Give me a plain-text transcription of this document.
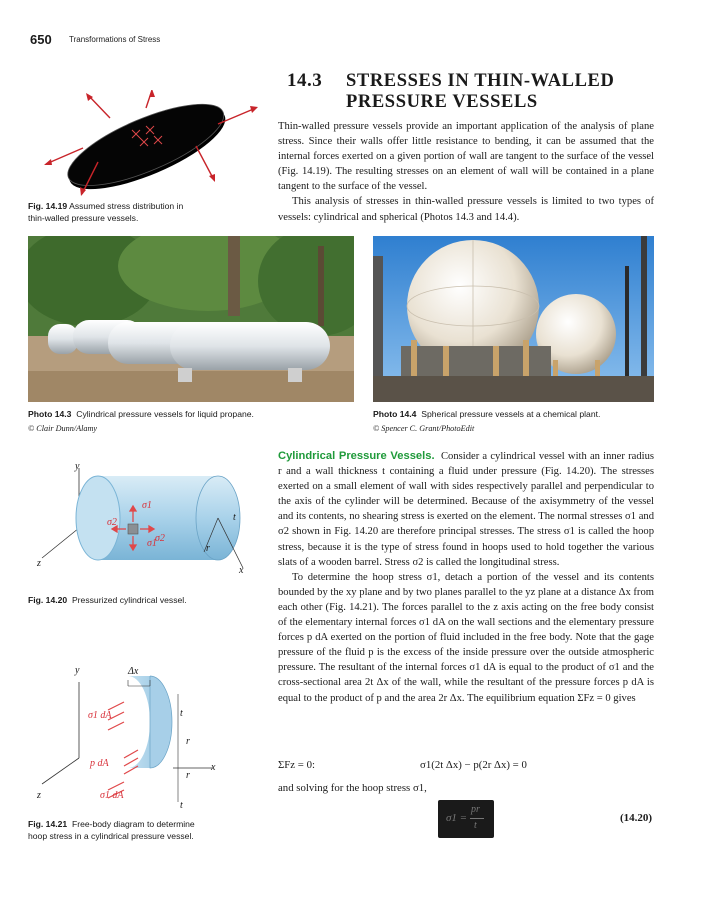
650 Transformations of Stress
14.3 STRESSES IN THIN-WALLED
PRESSURE VESSELS

Thin-walled pressure vessels provide an important application of the analysis of plane stress. Since their walls offer little resistance to bending, it can be assumed that the internal forces exerted on a given portion of wall are tangent to the surface of the vessel (Fig. 14.19). The resulting stresses on an element of wall will be contained in a plane tangent to the surface of the vessel.

This analysis of stresses in thin-walled pressure vessels is limited to two types of vessels: cylindrical and spherical (Photos 14.3 and 14.4).

Fig. 14.19 Assumed stress distribution in
thin-walled pressure vessels.
Photo 14.3 Cylindrical pressure vessels for liquid propane.
© Clair Dunn/Alamy
Photo 14.4 Spherical pressure vessels at a chemical plant.
© Spencer C. Grant/PhotoEdit
y
z
x
t
r
σ1
σ1
σ2
σ2
Fig. 14.20 Pressurized cylindrical vessel.
y
z
x
Δx
σ1 dA
p dA
σ1 dA
t
t
r
r
Fig. 14.21 Free-body diagram to determine
hoop stress in a cylindrical pressure vessel.

Cylindrical Pressure Vessels. Consider a cylindrical vessel with an inner radius r and a wall thickness t containing a fluid under pressure (Fig. 14.20). The stresses exerted on a small element of wall with sides respectively parallel and perpendicular to the axis of the cylinder will be determined. Because of the axisymmetry of the vessel and its contents, no shearing stress is exerted on the element. The normal stresses σ1 and σ2 shown in Fig. 14.20 are therefore principal stresses. The stress σ1 is called the hoop stress, because it is the type of stress found in hoops used to hold together the various slats of a wooden barrel. Stress σ2 is called the longitudinal stress.

To determine the hoop stress σ1, detach a portion of the vessel and its contents bounded by the xy plane and by two planes parallel to the yz plane at a distance Δx from each other (Fig. 14.21). The forces parallel to the z axis acting on the free body consist of the elementary internal forces σ1 dA on the wall sections and the elementary pressure forces p dA exerted on the portion of fluid included in the free body. Note that the gage pressure of the fluid p is the excess of the inside pressure over the outside atmospheric pressure. The resultant of the internal forces σ1 dA is equal to the product of σ1 and the cross-sectional area 2t Δx of the wall, while the resultant of the pressure forces p dA is equal to the product of p and the area 2r Δx. The equilibrium equation ΣFz = 0 gives

ΣFz = 0:	σ1(2t Δx) − p(2r Δx) = 0
and solving for the hoop stress σ1,
σ1 =
pr
t
(14.20)
